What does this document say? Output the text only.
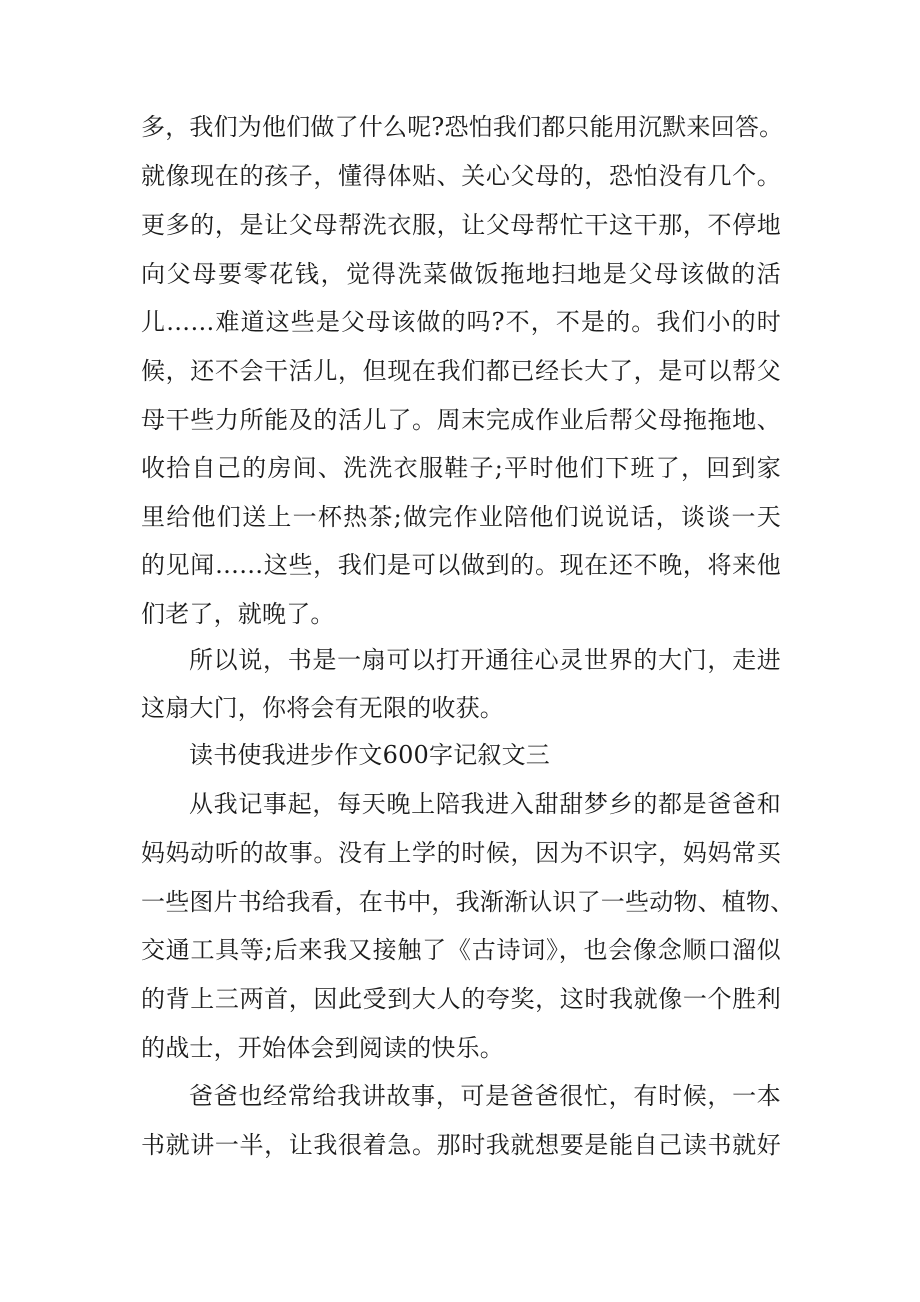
多，我们为他们做了什么呢?恐怕我们都只能用沉默来回答。
就像现在的孩子，懂得体贴、关心父母的，恐怕没有几个。
更多的，是让父母帮洗衣服，让父母帮忙干这干那，不停地
向父母要零花钱，觉得洗菜做饭拖地扫地是父母该做的活
儿……难道这些是父母该做的吗?不，不是的。我们小的时
候，还不会干活儿，但现在我们都已经长大了，是可以帮父
母干些力所能及的活儿了。周末完成作业后帮父母拖拖地、
收拾自己的房间、洗洗衣服鞋子;平时他们下班了，回到家
里给他们送上一杯热茶;做完作业陪他们说说话，谈谈一天
的见闻……这些，我们是可以做到的。现在还不晚，将来他
们老了，就晚了。
所以说，书是一扇可以打开通往心灵世界的大门，走进
这扇大门，你将会有无限的收获。
读书使我进步作文600字记叙文三
从我记事起，每天晚上陪我进入甜甜梦乡的都是爸爸和
妈妈动听的故事。没有上学的时候，因为不识字，妈妈常买
一些图片书给我看，在书中，我渐渐认识了一些动物、植物、
交通工具等;后来我又接触了《古诗词》，也会像念顺口溜似
的背上三两首，因此受到大人的夸奖，这时我就像一个胜利
的战士，开始体会到阅读的快乐。
爸爸也经常给我讲故事，可是爸爸很忙，有时候，一本
书就讲一半，让我很着急。那时我就想要是能自己读书就好
